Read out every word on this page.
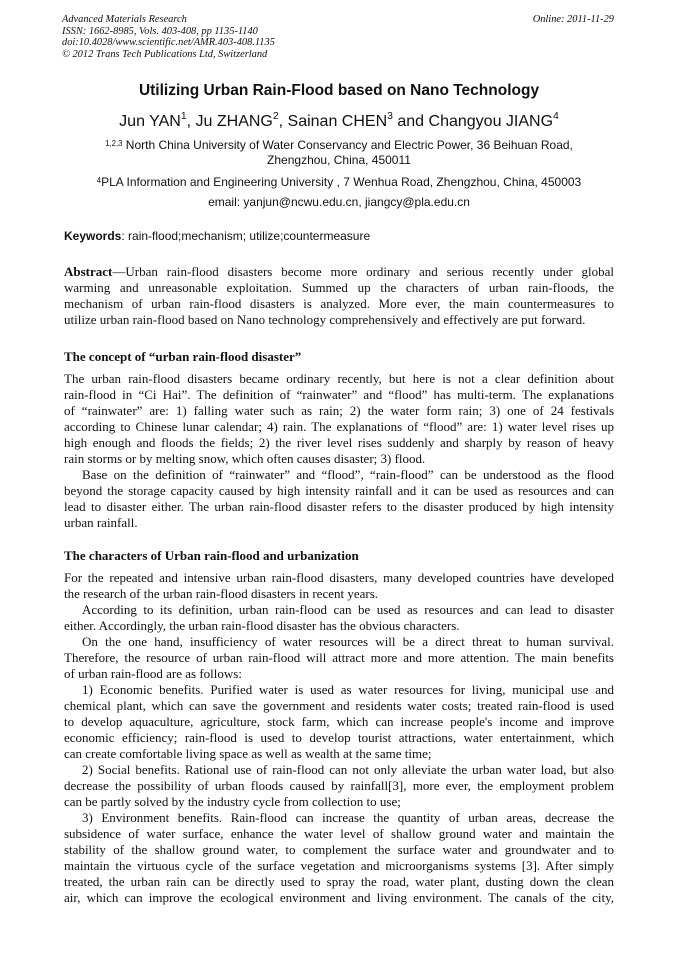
Advanced Materials Research
ISSN: 1662-8985, Vols. 403-408, pp 1135-1140
doi:10.4028/www.scientific.net/AMR.403-408.1135
© 2012 Trans Tech Publications Ltd, Switzerland
Online: 2011-11-29
Utilizing Urban Rain-Flood based on Nano Technology
Jun YAN$^1$, Ju ZHANG$^2$, Sainan CHEN$^3$ and Changyou JIANG$^4$
$^{1,2,3}$ North China University of Water Conservancy and Electric Power, 36 Beihuan Road,
Zhengzhou, China, 450011
$^4$PLA Information and Engineering University , 7 Wenhua Road, Zhengzhou, China, 450003
email: yanjun@ncwu.edu.cn, jiangcy@pla.edu.cn
Keywords: rain-flood;mechanism; utilize;countermeasure
Abstract—Urban rain-flood disasters become more ordinary and serious recently under global
warming and unreasonable exploitation. Summed up the characters of urban rain-floods, the
mechanism of urban rain-flood disasters is analyzed. More ever, the main countermeasures to
utilize urban rain-flood based on Nano technology comprehensively and effectively are put forward.
The concept of “urban rain-flood disaster”
The urban rain-flood disasters became ordinary recently, but here is not a clear definition about
rain-flood in “Ci Hai”. The definition of “rainwater” and “flood” has multi-term. The explanations
of “rainwater” are: 1) falling water such as rain; 2) the water form rain; 3) one of 24 festivals
according to Chinese lunar calendar; 4) rain. The explanations of “flood” are: 1) water level rises up
high enough and floods the fields; 2) the river level rises suddenly and sharply by reason of heavy
rain storms or by melting snow, which often causes disaster; 3) flood.
Base on the definition of “rainwater” and “flood”, “rain-flood” can be understood as the flood
beyond the storage capacity caused by high intensity rainfall and it can be used as resources and can
lead to disaster either. The urban rain-flood disaster refers to the disaster produced by high intensity
urban rainfall.
The characters of Urban rain-flood and urbanization
For the repeated and intensive urban rain-flood disasters, many developed countries have developed
the research of the urban rain-flood disasters in recent years.
According to its definition, urban rain-flood can be used as resources and can lead to disaster
either. Accordingly, the urban rain-flood disaster has the obvious characters.
On the one hand, insufficiency of water resources will be a direct threat to human survival.
Therefore, the resource of urban rain-flood will attract more and more attention. The main benefits
of urban rain-flood are as follows:
1) Economic benefits. Purified water is used as water resources for living, municipal use and
chemical plant, which can save the government and residents water costs; treated rain-flood is used
to develop aquaculture, agriculture, stock farm, which can increase people's income and improve
economic efficiency; rain-flood is used to develop tourist attractions, water entertainment, which
can create comfortable living space as well as wealth at the same time;
2) Social benefits. Rational use of rain-flood can not only alleviate the urban water load, but also
decrease the possibility of urban floods caused by rainfall[3], more ever, the employment problem
can be partly solved by the industry cycle from collection to use;
3) Environment benefits. Rain-flood can increase the quantity of urban areas, decrease the
subsidence of water surface, enhance the water level of shallow ground water and maintain the
stability of the shallow ground water, to complement the surface water and groundwater and to
maintain the virtuous cycle of the surface vegetation and microorganisms systems [3]. After simply
treated, the urban rain can be directly used to spray the road, water plant, dusting down the clean
air, which can improve the ecological environment and living environment. The canals of the city,
